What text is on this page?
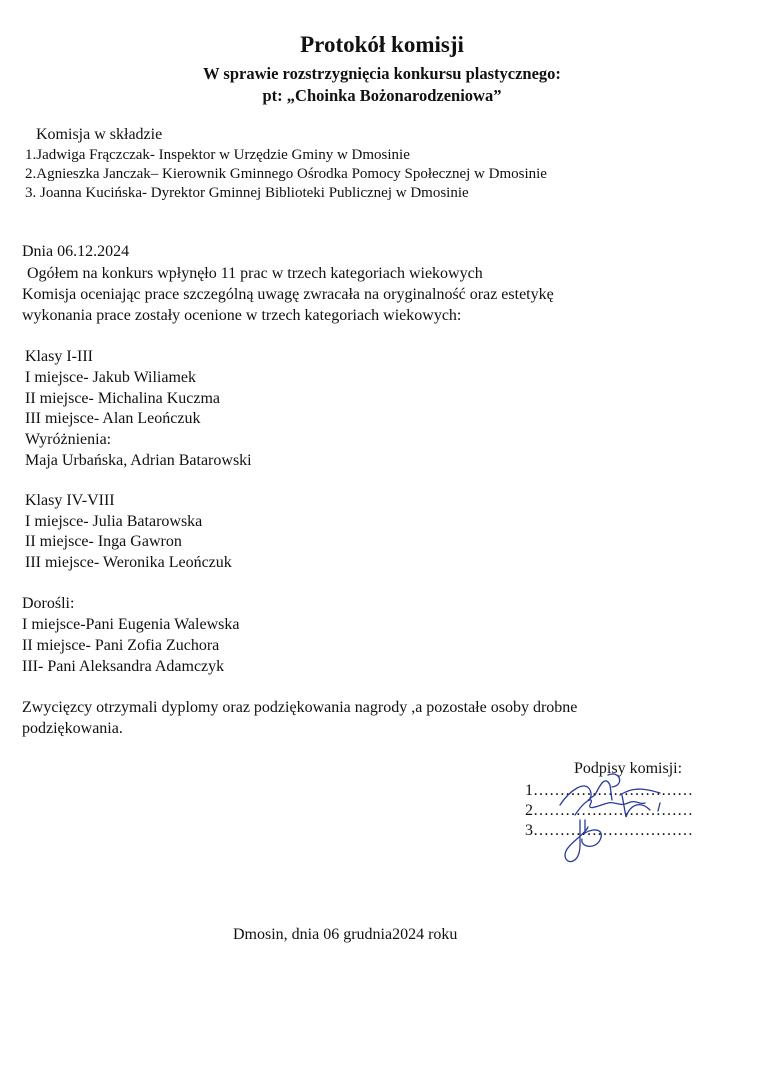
Protokół komisji
W sprawie rozstrzygnięcia konkursu plastycznego:
pt: „Choinka Bożonarodzeniowa”
Komisja w składzie
1.Jadwiga Frączczak- Inspektor w Urzędzie Gminy w Dmosinie
2.Agnieszka Janczak– Kierownik Gminnego Ośrodka Pomocy Społecznej w Dmosinie
3. Joanna Kucińska- Dyrektor Gminnej Biblioteki Publicznej w Dmosinie
Dnia 06.12.2024
Ogółem na konkurs wpłynęło 11 prac w trzech kategoriach wiekowych
Komisja oceniając prace szczególną uwagę zwracała na oryginalność oraz estetykę
wykonania prace zostały ocenione w trzech kategoriach wiekowych:
Klasy I-III
I miejsce- Jakub Wiliamek
II miejsce- Michalina Kuczma
III miejsce- Alan Leończuk
Wyróżnienia:
Maja Urbańska, Adrian Batarowski
Klasy IV-VIII
I miejsce- Julia Batarowska
II miejsce- Inga Gawron
III miejsce- Weronika Leończuk
Dorośli:
I miejsce-Pani Eugenia Walewska
II miejsce- Pani Zofia Zuchora
III- Pani Aleksandra Adamczyk
Zwycięzcy otrzymali dyplomy oraz podziękowania nagrody ,a pozostałe osoby drobne
podziękowania.
Podpisy komisji:
1…………………………
2…………………………
3…………………………
Dmosin, dnia 06 grudnia2024 roku
